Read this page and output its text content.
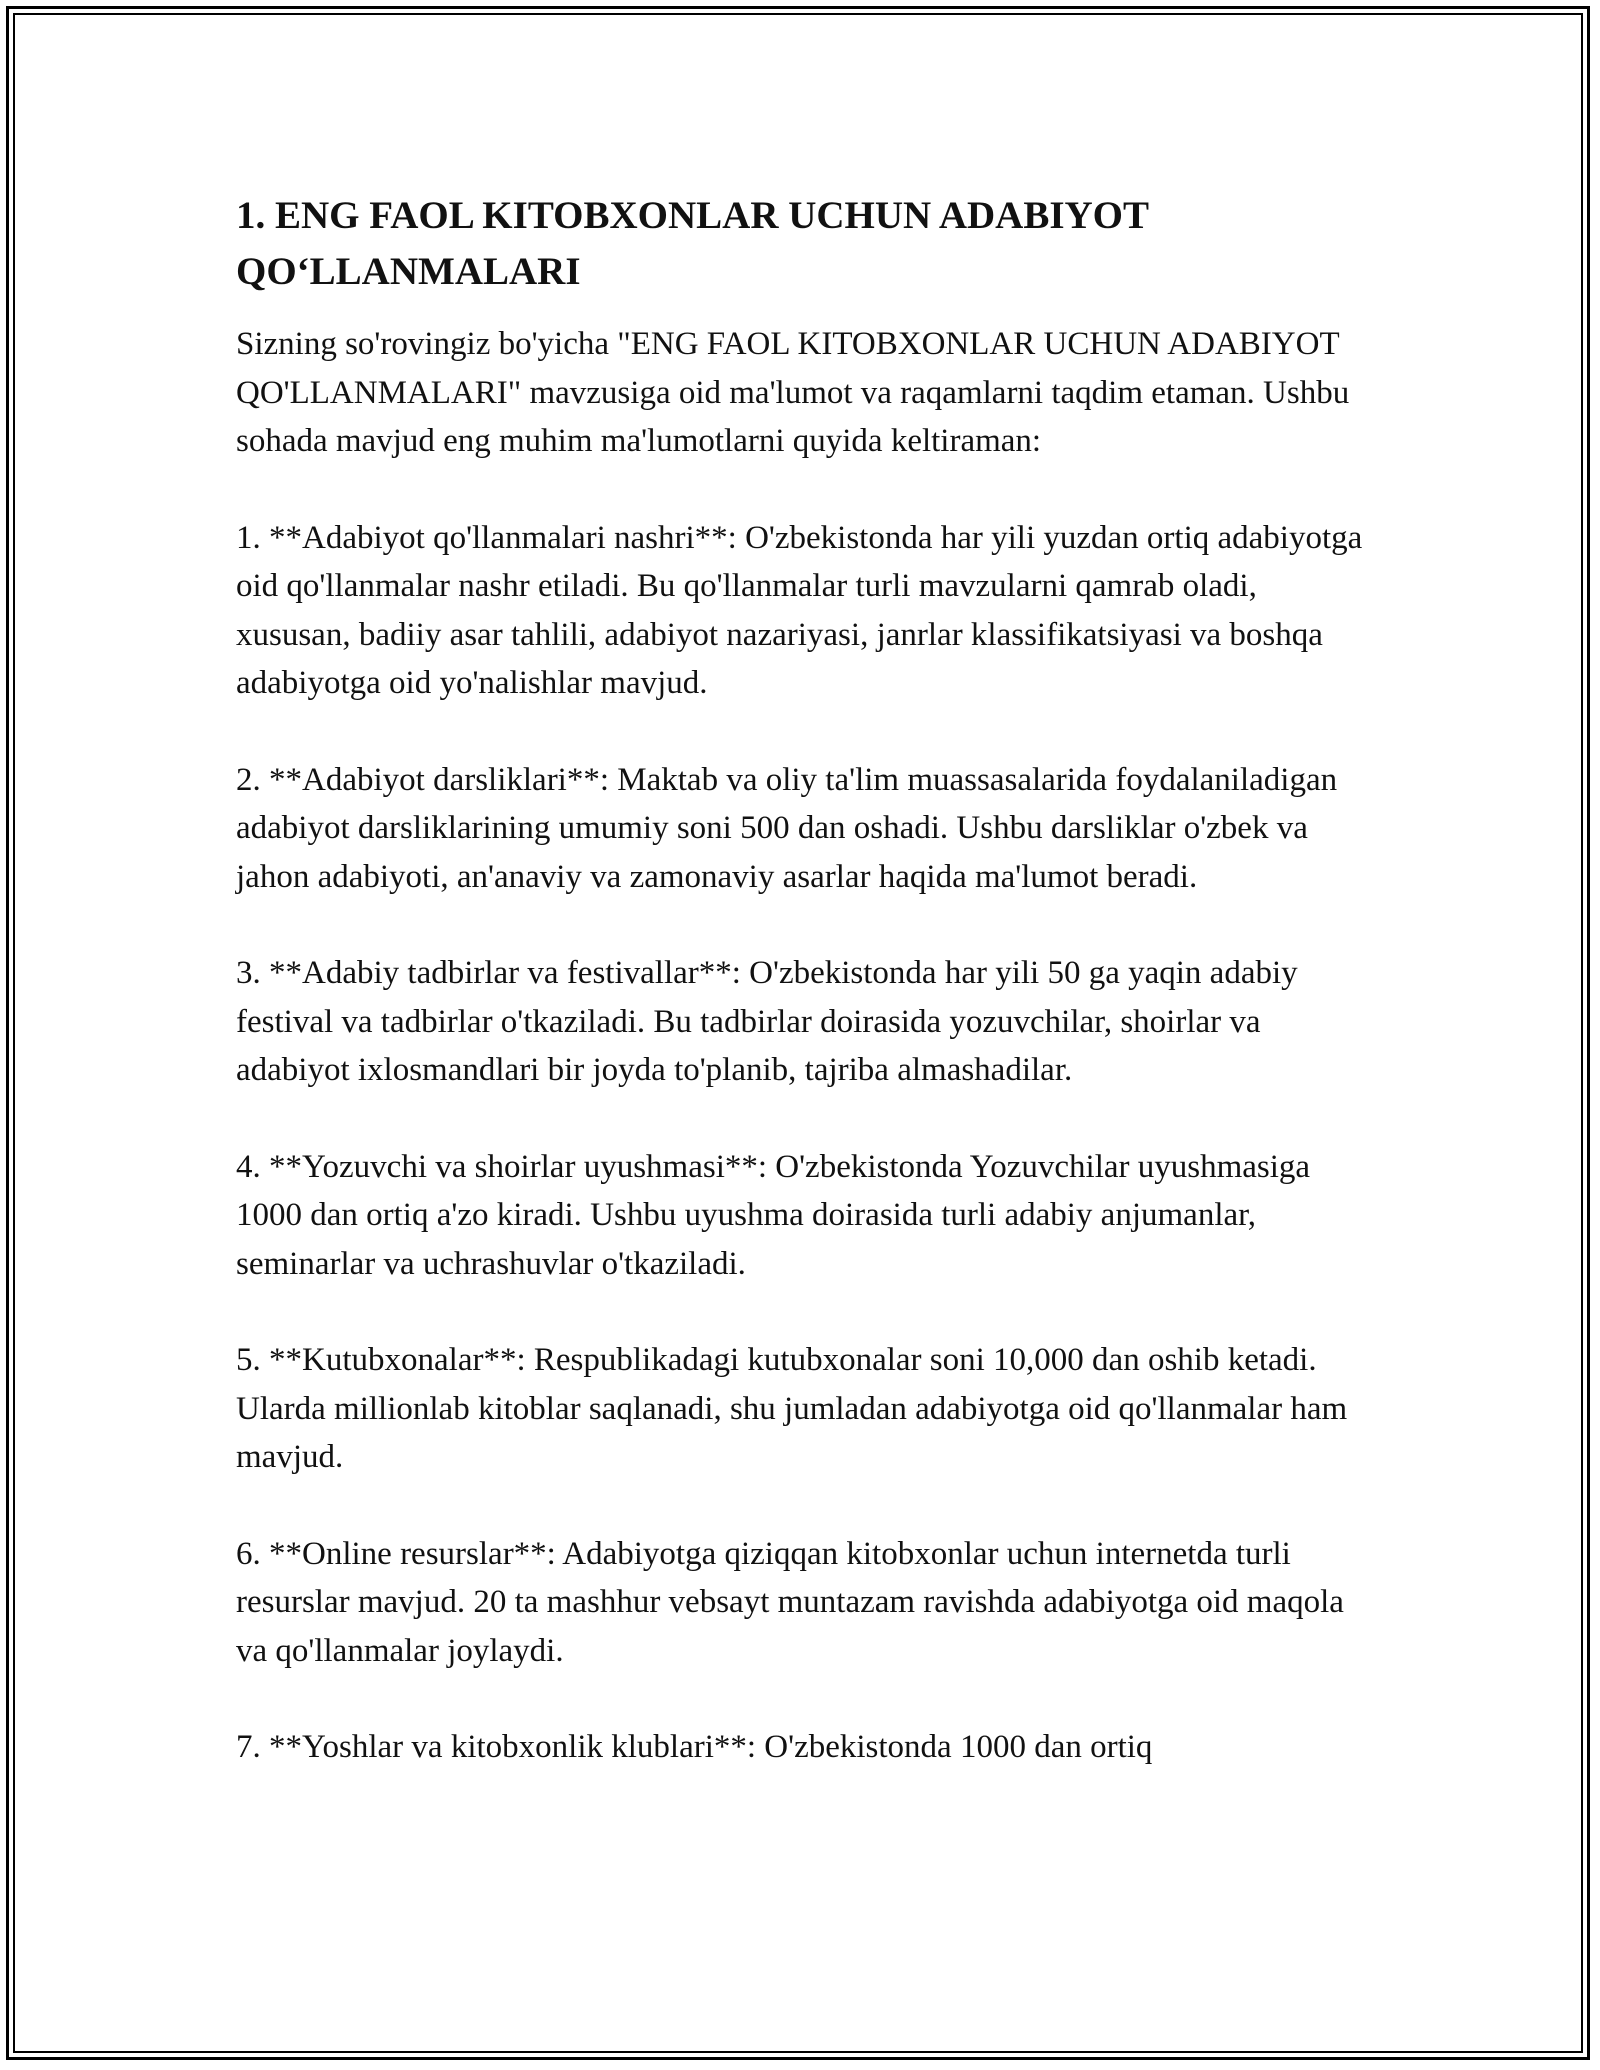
1. ENG FAOL KITOBXONLAR UCHUN ADABIYOT QO‘LLANMALARI

Sizning so'rovingiz bo'yicha "ENG FAOL KITOBXONLAR UCHUN ADABIYOT QO'LLANMALARI" mavzusiga oid ma'lumot va raqamlarni taqdim etaman. Ushbu sohada mavjud eng muhim ma'lumotlarni quyida keltiraman:

1. **Adabiyot qo'llanmalari nashri**: O'zbekistonda har yili yuzdan ortiq adabiyotga oid qo'llanmalar nashr etiladi. Bu qo'llanmalar turli mavzularni qamrab oladi, xususan, badiiy asar tahlili, adabiyot nazariyasi, janrlar klassifikatsiyasi va boshqa adabiyotga oid yo'nalishlar mavjud.

2. **Adabiyot darsliklari**: Maktab va oliy ta'lim muassasalarida foydalaniladigan adabiyot darsliklarining umumiy soni 500 dan oshadi. Ushbu darsliklar o'zbek va jahon adabiyoti, an'anaviy va zamonaviy asarlar haqida ma'lumot beradi.

3. **Adabiy tadbirlar va festivallar**: O'zbekistonda har yili 50 ga yaqin adabiy festival va tadbirlar o'tkaziladi. Bu tadbirlar doirasida yozuvchilar, shoirlar va adabiyot ixlosmandlari bir joyda to'planib, tajriba almashadilar.

4. **Yozuvchi va shoirlar uyushmasi**: O'zbekistonda Yozuvchilar uyushmasiga 1000 dan ortiq a'zo kiradi. Ushbu uyushma doirasida turli adabiy anjumanlar, seminarlar va uchrashuvlar o'tkaziladi.

5. **Kutubxonalar**: Respublikadagi kutubxonalar soni 10,000 dan oshib ketadi. Ularda millionlab kitoblar saqlanadi, shu jumladan adabiyotga oid qo'llanmalar ham mavjud.

6. **Online resurslar**: Adabiyotga qiziqqan kitobxonlar uchun internetda turli resurslar mavjud. 20 ta mashhur vebsayt muntazam ravishda adabiyotga oid maqola va qo'llanmalar joylaydi.

7. **Yoshlar va kitobxonlik klublari**: O'zbekistonda 1000 dan ortiq
